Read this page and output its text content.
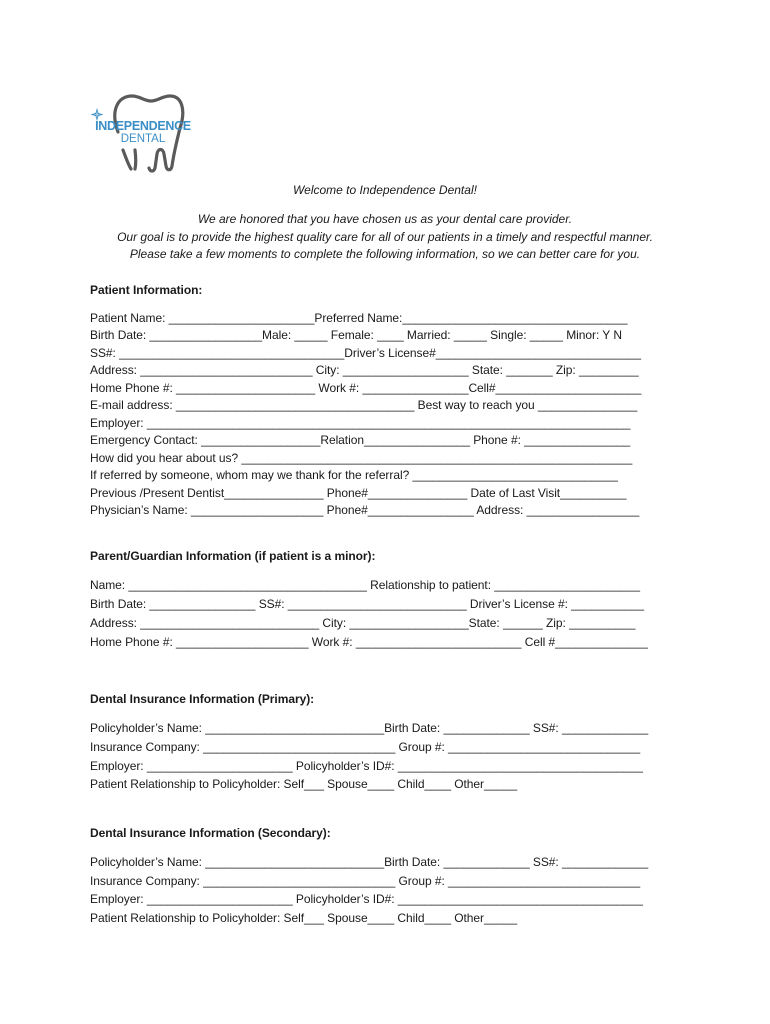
INDEPENDENCE
DENTAL
Welcome to Independence Dental!
We are honored that you have chosen us as your dental care provider.
Our goal is to provide the highest quality care for all of our patients in a timely and respectful manner.
Please take a few moments to complete the following information, so we can better care for you.
Patient Information:
Patient Name: ______________________Preferred Name:__________________________________
Birth Date: _________________Male: _____ Female: ____ Married: _____ Single: _____ Minor: Y N
SS#: __________________________________Driver’s License#_______________________________
Address: __________________________ City: ___________________ State: _______ Zip: _________
Home Phone #: _____________________ Work #: ________________Cell#______________________
E-mail address: ____________________________________ Best way to reach you _______________
Employer: _________________________________________________________________________
Emergency Contact: __________________Relation________________ Phone #: ________________
How did you hear about us? ___________________________________________________________
If referred by someone, whom may we thank for the referral? _______________________________
Previous /Present Dentist_______________ Phone#_______________ Date of Last Visit__________
Physician’s Name: ____________________ Phone#________________ Address: _________________
Parent/Guardian Information (if patient is a minor):
Name: ____________________________________ Relationship to patient: ______________________
Birth Date: ________________ SS#: ___________________________ Driver’s License #: ___________
Address: ___________________________ City: __________________State: ______ Zip: __________
Home Phone #: ____________________ Work #: _________________________ Cell #______________
Dental Insurance Information (Primary):
Policyholder’s Name: ___________________________Birth Date: _____________ SS#: _____________
Insurance Company: _____________________________ Group #: _____________________________
Employer: ______________________ Policyholder’s ID#: _____________________________________
Patient Relationship to Policyholder: Self___ Spouse____ Child____ Other_____
Dental Insurance Information (Secondary):
Policyholder’s Name: ___________________________Birth Date: _____________ SS#: _____________
Insurance Company: _____________________________ Group #: _____________________________
Employer: ______________________ Policyholder’s ID#: _____________________________________
Patient Relationship to Policyholder: Self___ Spouse____ Child____ Other_____
